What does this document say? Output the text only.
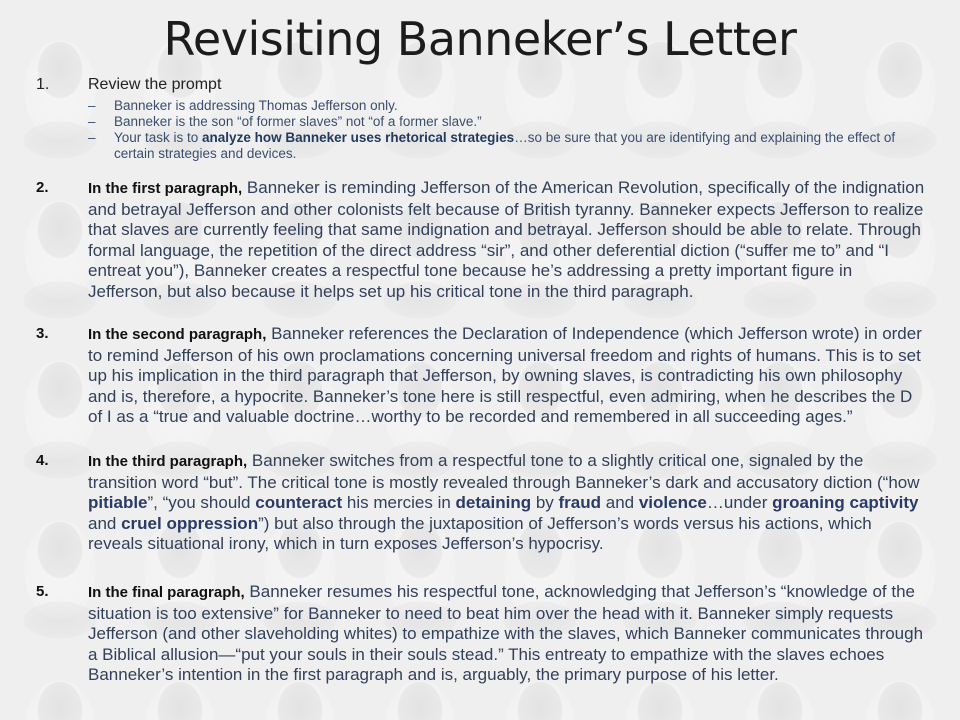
Revisiting Banneker’s Letter
1. Review the prompt
– Banneker is addressing Thomas Jefferson only.
– Banneker is the son “of former slaves” not “of a former slave.”
– Your task is to analyze how Banneker uses rhetorical strategies…so be sure that you are identifying and explaining the effect of certain strategies and devices.
2.	In the first paragraph, Banneker is reminding Jefferson of the American Revolution, specifically of the indignation and betrayal Jefferson and other colonists felt because of British tyranny. Banneker expects Jefferson to realize that slaves are currently feeling that same indignation and betrayal. Jefferson should be able to relate. Through formal language, the repetition of the direct address “sir”, and other deferential diction (“suffer me to” and “I entreat you”), Banneker creates a respectful tone because he’s addressing a pretty important figure in Jefferson, but also because it helps set up his critical tone in the third paragraph.
3.	In the second paragraph, Banneker references the Declaration of Independence (which Jefferson wrote) in order to remind Jefferson of his own proclamations concerning universal freedom and rights of humans. This is to set up his implication in the third paragraph that Jefferson, by owning slaves, is contradicting his own philosophy and is, therefore, a hypocrite. Banneker’s tone here is still respectful, even admiring, when he describes the D of I as a “true and valuable doctrine…worthy to be recorded and remembered in all succeeding ages.”
4.	In the third paragraph, Banneker switches from a respectful tone to a slightly critical one, signaled by the transition word “but”. The critical tone is mostly revealed through Banneker’s dark and accusatory diction (“how pitiable”, “you should counteract his mercies in detaining by fraud and violence…under groaning captivity and cruel oppression”) but also through the juxtaposition of Jefferson’s words versus his actions, which reveals situational irony, which in turn exposes Jefferson’s hypocrisy.
5.	In the final paragraph, Banneker resumes his respectful tone, acknowledging that Jefferson’s “knowledge of the situation is too extensive” for Banneker to need to beat him over the head with it. Banneker simply requests Jefferson (and other slaveholding whites) to empathize with the slaves, which Banneker communicates through a Biblical allusion—“put your souls in their souls stead.” This entreaty to empathize with the slaves echoes Banneker’s intention in the first paragraph and is, arguably, the primary purpose of his letter.
